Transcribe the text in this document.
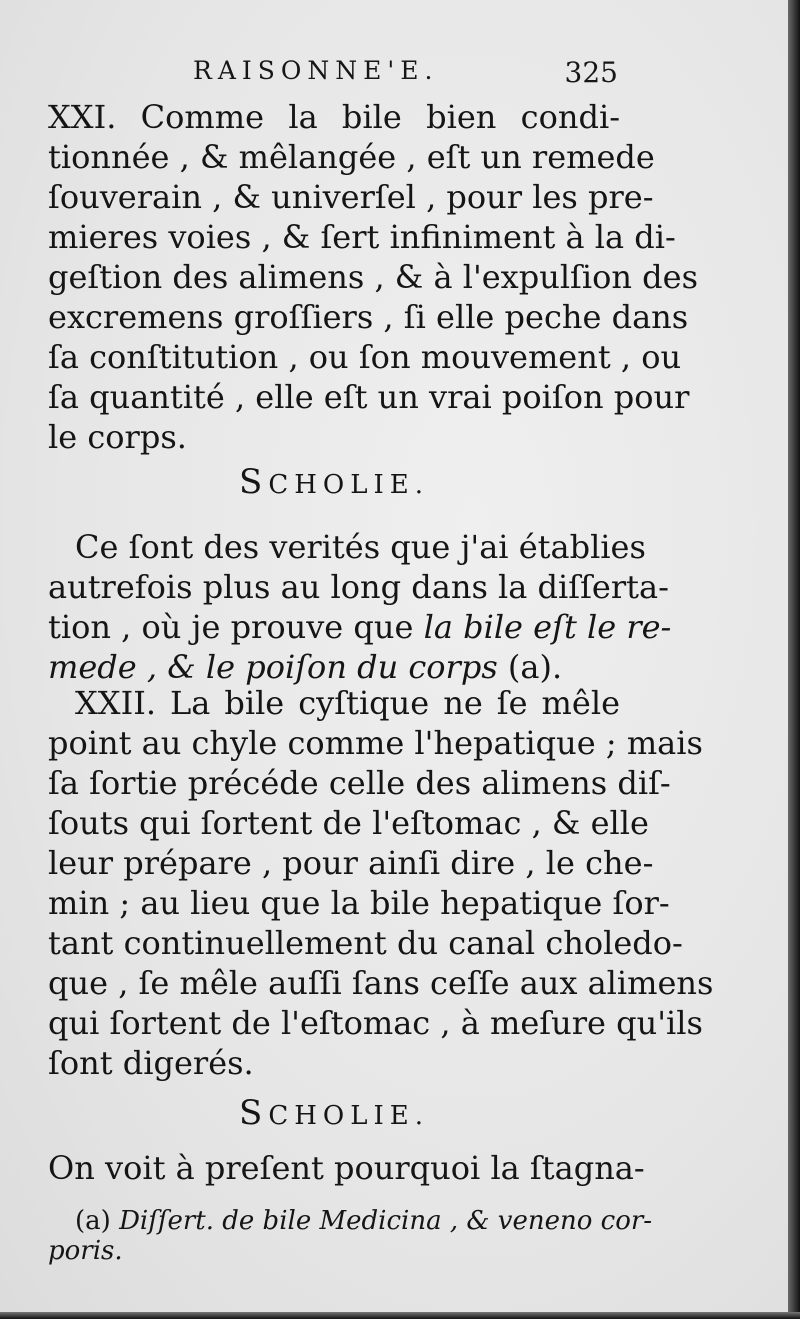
RAISONNE'E.	325
XXI. Comme la bile bien condi-
tionnée , & mêlangée , eſt un remede
ſouverain , & univerſel , pour les pre-
mieres voies , & ſert infiniment à la di-
geſtion des alimens , & à l'expulſion des
excremens groſſiers , ſi elle peche dans
ſa conſtitution , ou ſon mouvement , ou
ſa quantité , elle eſt un vrai poiſon pour
le corps.
SCHOLIE.
Ce ſont des verités que j'ai établies
autrefois plus au long dans la diſſerta-
tion , où je prouve que la bile eſt le re-
mede , & le poiſon du corps (a).
XXII. La bile cyſtique ne ſe mêle
point au chyle comme l'hepatique ; mais
ſa ſortie précéde celle des alimens diſ-
ſouts qui ſortent de l'eſtomac , & elle
leur prépare , pour ainſi dire , le che-
min ; au lieu que la bile hepatique ſor-
tant continuellement du canal choledo-
que , ſe mêle auſſi ſans ceſſe aux alimens
qui ſortent de l'eſtomac , à meſure qu'ils
ſont digerés.
SCHOLIE.
On voit à preſent pourquoi la ſtagna-
(a) Diſſert. de bile Medicina , & veneno cor-
poris.
